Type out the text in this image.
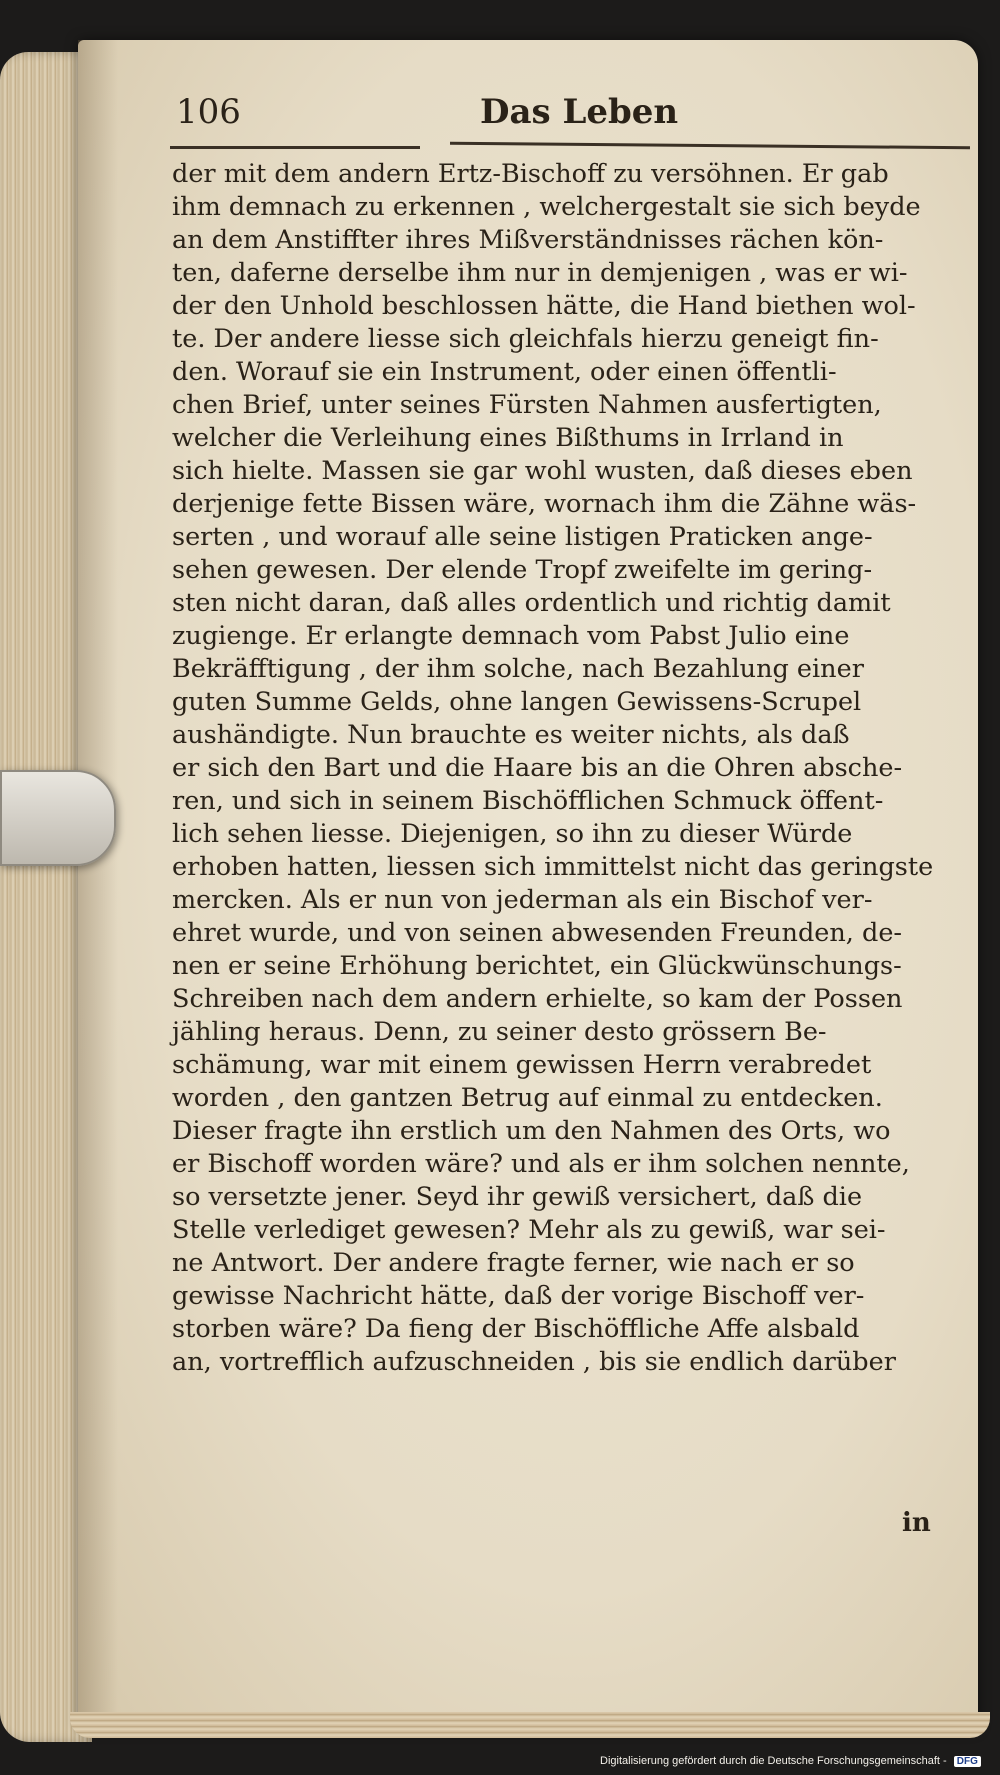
106	Das Leben
der mit dem andern Ertz-Bischoff zu versöhnen. Er gab
ihm demnach zu erkennen , welchergestalt sie sich beyde
an dem Anstiffter ihres Mißverständnisses rächen kön-
ten, daferne derselbe ihm nur in demjenigen , was er wi-
der den Unhold beschlossen hätte, die Hand biethen wol-
te. Der andere liesse sich gleichfals hierzu geneigt fin-
den. Worauf sie ein Instrument, oder einen öffentli-
chen Brief, unter seines Fürsten Nahmen ausfertigten,
welcher die Verleihung eines Bißthums in Irrland in
sich hielte. Massen sie gar wohl wusten, daß dieses eben
derjenige fette Bissen wäre, wornach ihm die Zähne wäs-
serten , und worauf alle seine listigen Praticken ange-
sehen gewesen. Der elende Tropf zweifelte im gering-
sten nicht daran, daß alles ordentlich und richtig damit
zugienge. Er erlangte demnach vom Pabst Julio eine
Bekräfftigung , der ihm solche, nach Bezahlung einer
guten Summe Gelds, ohne langen Gewissens-Scrupel
aushändigte. Nun brauchte es weiter nichts, als daß
er sich den Bart und die Haare bis an die Ohren absche-
ren, und sich in seinem Bischöfflichen Schmuck öffent-
lich sehen liesse. Diejenigen, so ihn zu dieser Würde
erhoben hatten, liessen sich immittelst nicht das geringste
mercken. Als er nun von jederman als ein Bischof ver-
ehret wurde, und von seinen abwesenden Freunden, de-
nen er seine Erhöhung berichtet, ein Glückwünschungs-
Schreiben nach dem andern erhielte, so kam der Possen
jähling heraus. Denn, zu seiner desto grössern Be-
schämung, war mit einem gewissen Herrn verabredet
worden , den gantzen Betrug auf einmal zu entdecken.
Dieser fragte ihn erstlich um den Nahmen des Orts, wo
er Bischoff worden wäre? und als er ihm solchen nennte,
so versetzte jener. Seyd ihr gewiß versichert, daß die
Stelle verlediget gewesen? Mehr als zu gewiß, war sei-
ne Antwort. Der andere fragte ferner, wie nach er so
gewisse Nachricht hätte, daß der vorige Bischoff ver-
storben wäre? Da fieng der Bischöffliche Affe alsbald
an, vortrefflich aufzuschneiden , bis sie endlich darüber
in
Digitalisierung gefördert durch die Deutsche Forschungsgemeinschaft - DFG
